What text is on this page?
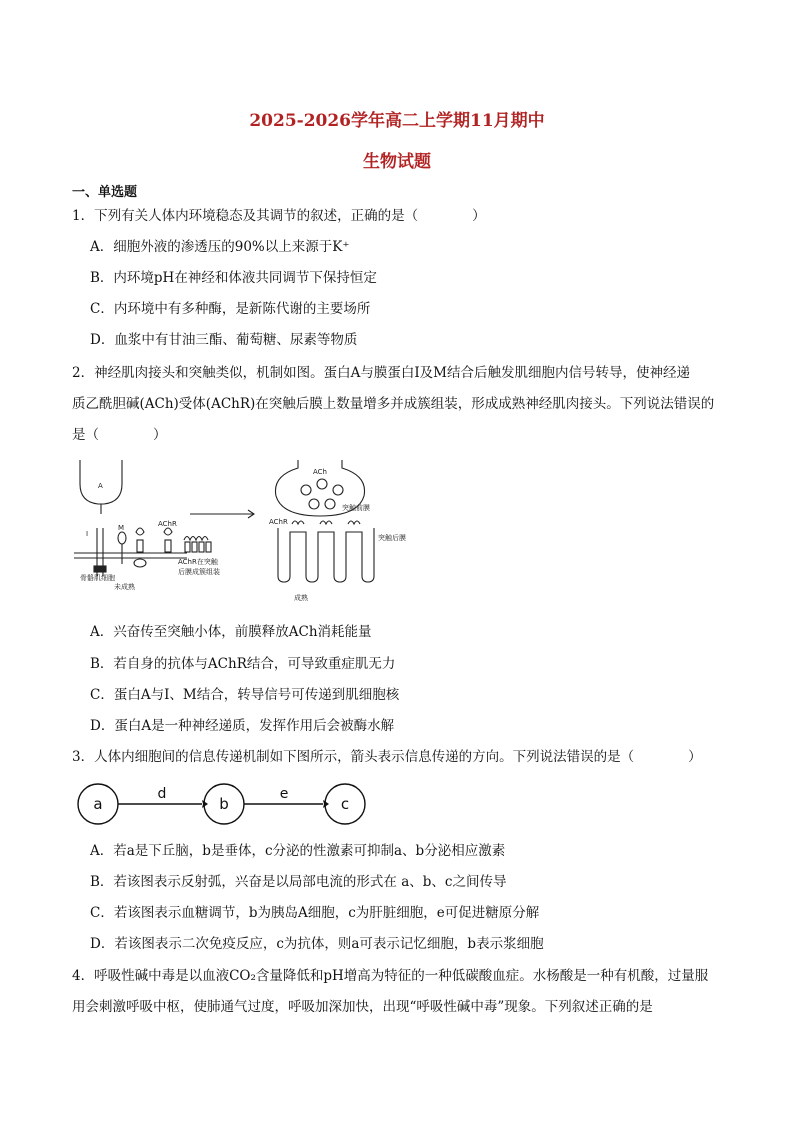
2025-2026学年高二上学期11月期中
生物试题
一、单选题
1．下列有关人体内环境稳态及其调节的叙述，正确的是（　　　　）
A．细胞外液的渗透压的90%以上来源于K⁺
B．内环境pH在神经和体液共同调节下保持恒定
C．内环境中有多种酶，是新陈代谢的主要场所
D．血浆中有甘油三酯、葡萄糖、尿素等物质
2．神经肌肉接头和突触类似，机制如图。蛋白A与膜蛋白I及M结合后触发肌细胞内信号转导，使神经递
质乙酰胆碱(ACh)受体(AChR)在突触后膜上数量增多并成簇组装，形成成熟神经肌肉接头。下列说法错误的
是（　　　　）
A
I
M	AChR
AChR在突触
后膜成簇组装
骨骼肌细胞
未成熟
ACh
突触前膜
AChR
突触后膜
成熟
A．兴奋传至突触小体，前膜释放ACh消耗能量
B．若自身的抗体与AChR结合，可导致重症肌无力
C．蛋白A与I、M结合，转导信号可传递到肌细胞核
D．蛋白A是一种神经递质，发挥作用后会被酶水解
3．人体内细胞间的信息传递机制如下图所示，箭头表示信息传递的方向。下列说法错误的是（　　　　）
a	b	c
d	e
A．若a是下丘脑，b是垂体，c分泌的性激素可抑制a、b分泌相应激素
B．若该图表示反射弧，兴奋是以局部电流的形式在 a、b、c之间传导
C．若该图表示血糖调节，b为胰岛A细胞，c为肝脏细胞，e可促进糖原分解
D．若该图表示二次免疫反应，c为抗体，则a可表示记忆细胞，b表示浆细胞
4．呼吸性碱中毒是以血液CO₂含量降低和pH增高为特征的一种低碳酸血症。水杨酸是一种有机酸，过量服
用会刺激呼吸中枢，使肺通气过度，呼吸加深加快，出现“呼吸性碱中毒”现象。下列叙述正确的是
